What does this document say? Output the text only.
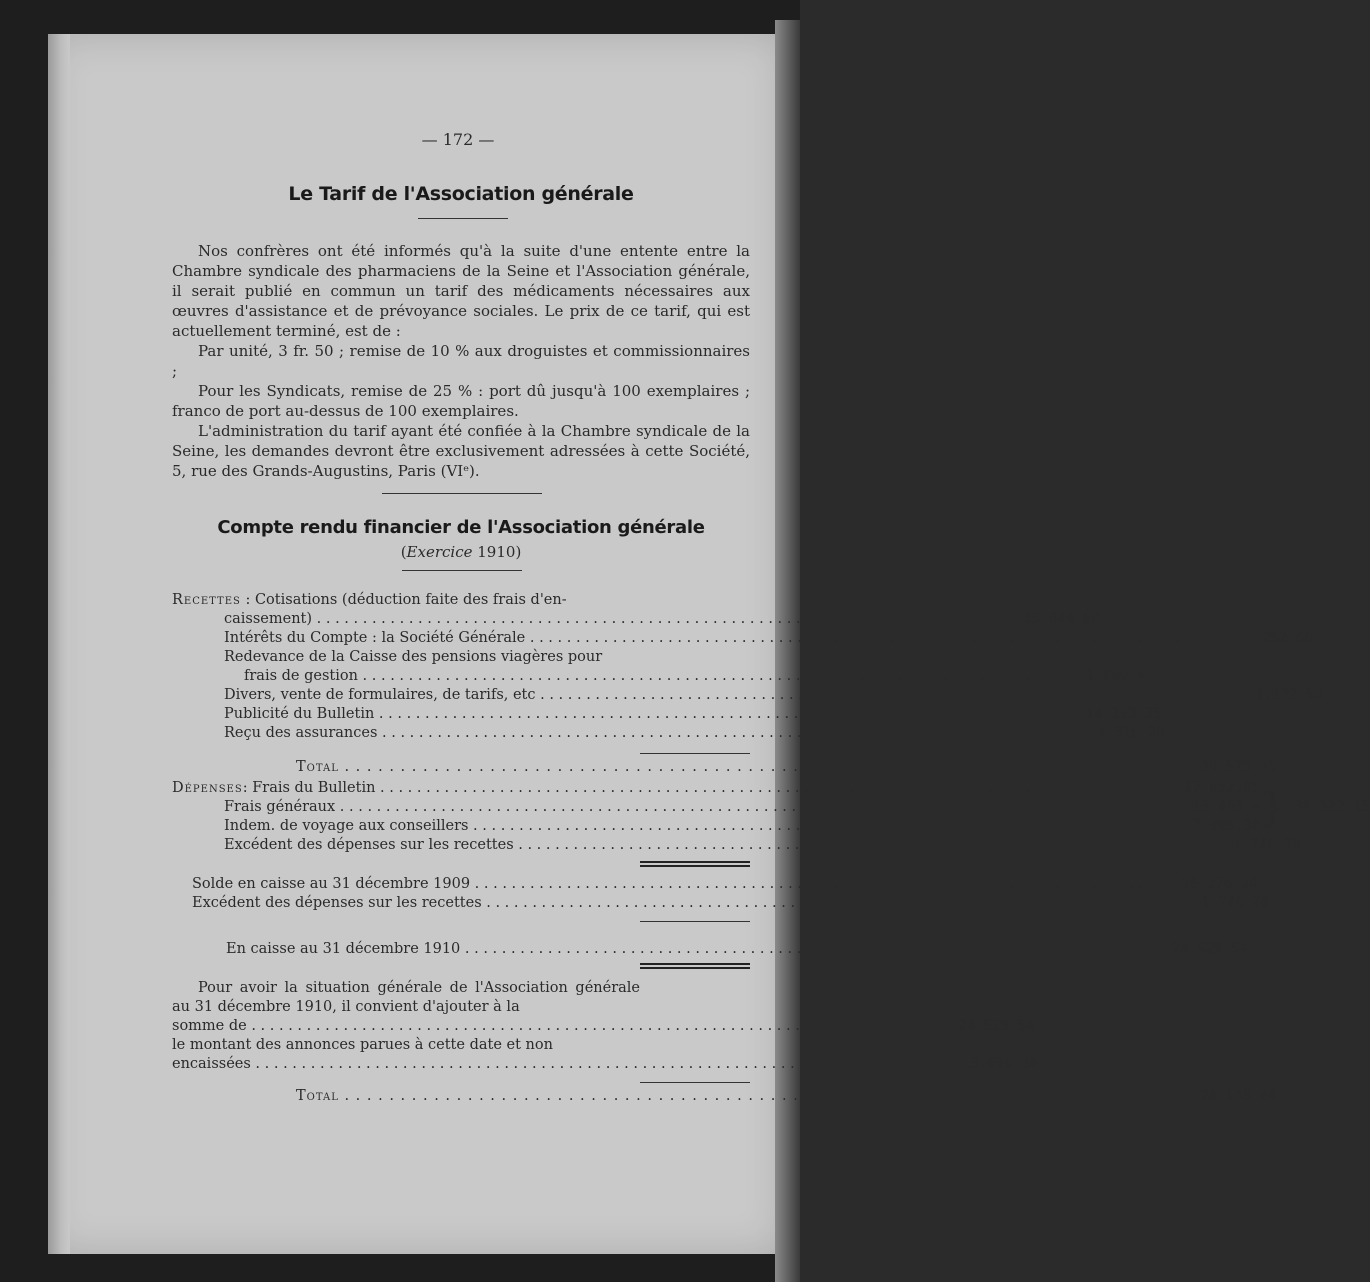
— 172 —
Le Tarif de l'Association générale

Nos confrères ont été informés qu'à la suite d'une entente entre la Chambre syndicale des pharmaciens de la Seine et l'Association générale, il serait publié en commun un tarif des médicaments nécessaires aux œuvres d'assistance et de prévoyance sociales. Le prix de ce tarif, qui est actuellement terminé, est de :

Par unité, 3 fr. 50 ; remise de 10 % aux droguistes et commissionnaires ;

Pour les Syndicats, remise de 25 % : port dû jusqu'à 100 exemplaires ; franco de port au-dessus de 100 exemplaires.

L'administration du tarif ayant été confiée à la Chambre syndicale de la Seine, les demandes devront être exclusivement adressées à cette Société, 5, rue des Grands-Augustins, Paris (VIᵉ).

Compte rendu financier de l'Association générale
(Exercice 1910)
Recettes : Cotisations (déduction faite des frais d'en-
caissement) . . .	15.640 80
Intérêts du Compte : la Société Générale . . .	252 60
Redevance de la Caisse des pensions viagères pour
frais de gestion . . .	1.000 »
Divers, vente de formulaires, de tarifs, etc . . .	1.172 50
Publicité du Bulletin . . .	14.193 35
Reçu des assurances . . .	4.316 20
Total . . .	36.575 45
Dépenses : Frais du Bulletin . . .	17.852.85
Frais généraux . . .	13.463 »
Indem. de voyage aux conseillers . . .	7.006.30 } 38.322 15
Excédent des dépenses sur les recettes . . .	1.746 70
Solde en caisse au 31 décembre 1909 . . .	26.276 24
Excédent des dépenses sur les recettes . . .	1.746 70
En caisse au 31 décembre 1910 . . .	24.529 54

Pour avoir la situation générale de l'Association générale au 31 décembre 1910, il convient d'ajouter à la

somme de . . .	24.529 54
le montant des annonces parues à cette date et non
encaissées . . .	3.619 30
Total . . .	28.148 84
